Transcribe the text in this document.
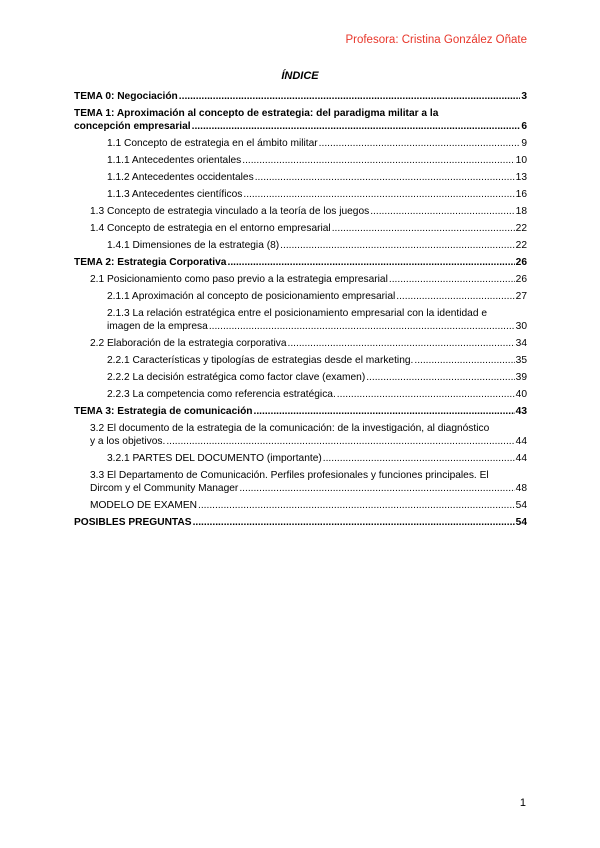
Profesora: Cristina González Oñate
ÍNDICE
TEMA 0: Negociación .....	3
TEMA 1: Aproximación al concepto de estrategia: del paradigma militar a la
concepción empresarial .....	6
1.1 Concepto de estrategia en el ámbito militar .....	9
1.1.1 Antecedentes orientales .....	10
1.1.2 Antecedentes occidentales .....	13
1.1.3 Antecedentes científicos .....	16
1.3 Concepto de estrategia vinculado a la teoría de los juegos .....	18
1.4 Concepto de estrategia en el entorno empresarial .....	22
1.4.1 Dimensiones de la estrategia (8) .....	22
TEMA 2: Estrategia Corporativa .....	26
2.1 Posicionamiento como paso previo a la estrategia empresarial .....	26
2.1.1 Aproximación al concepto de posicionamiento empresarial .....	27
2.1.3 La relación estratégica entre el posicionamiento empresarial con la identidad e
imagen de la empresa .....	30
2.2 Elaboración de la estrategia corporativa .....	34
2.2.1 Características y tipologías de estrategias desde el marketing. .....	35
2.2.2 La decisión estratégica como factor clave (examen) .....	39
2.2.3 La competencia como referencia estratégica. .....	40
TEMA 3: Estrategia de comunicación .....	43
3.2 El documento de la estrategia de la comunicación: de la investigación, al diagnóstico
y a los objetivos. .....	44
3.2.1 PARTES DEL DOCUMENTO (importante) .....	44
3.3 El Departamento de Comunicación. Perfiles profesionales y funciones principales. El
Dircom y el Community Manager .....	48
MODELO DE EXAMEN .....	54
POSIBLES PREGUNTAS .....	54
1
